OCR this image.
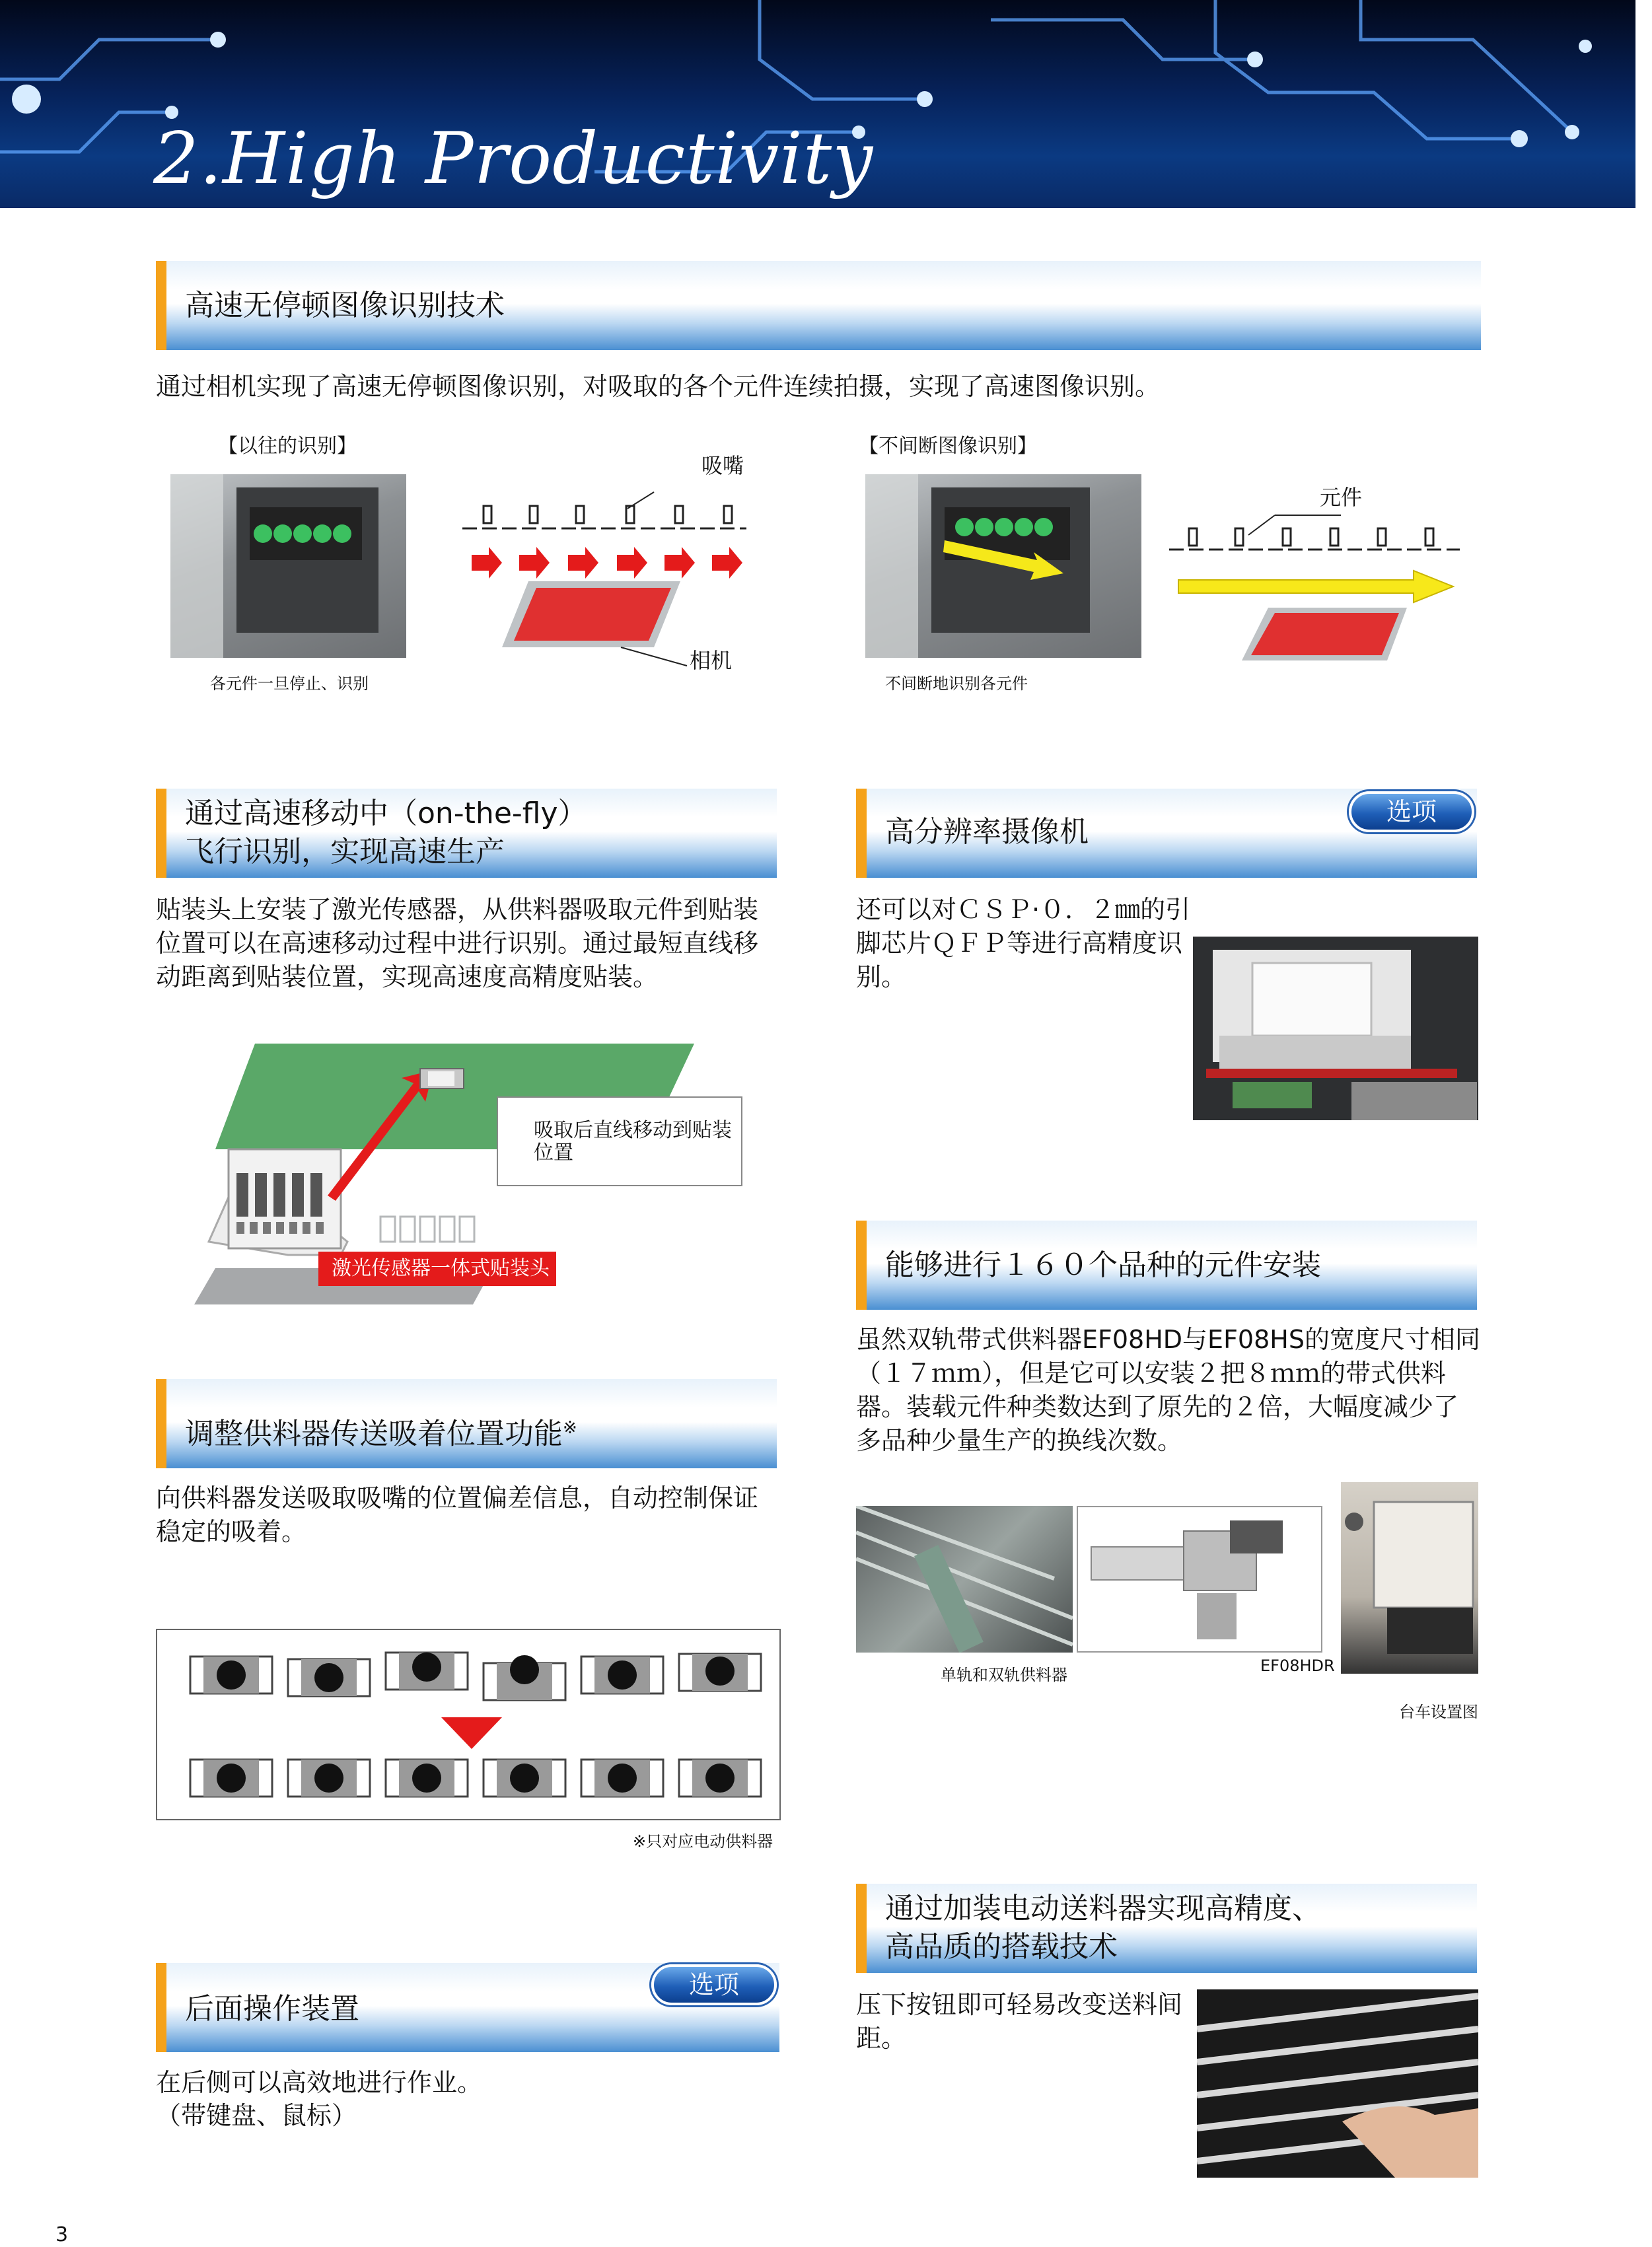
2.High Productivity
高速无停顿图像识别技术
通过相机实现了高速无停顿图像识别，对吸取的各个元件连续拍摄，实现了高速图像识别。
【以往的识别】	【不间断图像识别】
吸嘴
相机
各元件一旦停止、识别
元件
不间断地识别各元件
通过高速移动中（on-the-fly）
飞行识别，实现高速生产
贴装头上安装了激光传感器，从供料器吸取元件到贴装位置可以在高速移动过程中进行识别。通过最短直线移动距离到贴装位置，实现高速度高精度贴装。
吸取后直线移动到贴装位置
激光传感器一体式贴装头
高分辨率摄像机
选项
还可以对ＣＳＰ·０．２㎜的引脚芯片ＱＦＰ等进行高精度识别。
调整供料器传送吸着位置功能※
向供料器发送吸取吸嘴的位置偏差信息，自动控制保证稳定的吸着。
※只对应电动供料器
能够进行１６０个品种的元件安装
虽然双轨带式供料器EF08HD与EF08HS的宽度尺寸相同（１７ｍｍ），但是它可以安装２把８ｍｍ的带式供料器。装载元件种类数达到了原先的２倍，大幅度减少了多品种少量生产的换线次数。
单轨和双轨供料器	EF08HDR
台车设置图
通过加装电动送料器实现高精度、
高品质的搭载技术
压下按钮即可轻易改变送料间距。
后面操作装置
选项
在后侧可以高效地进行作业。
（带键盘、鼠标）
3
